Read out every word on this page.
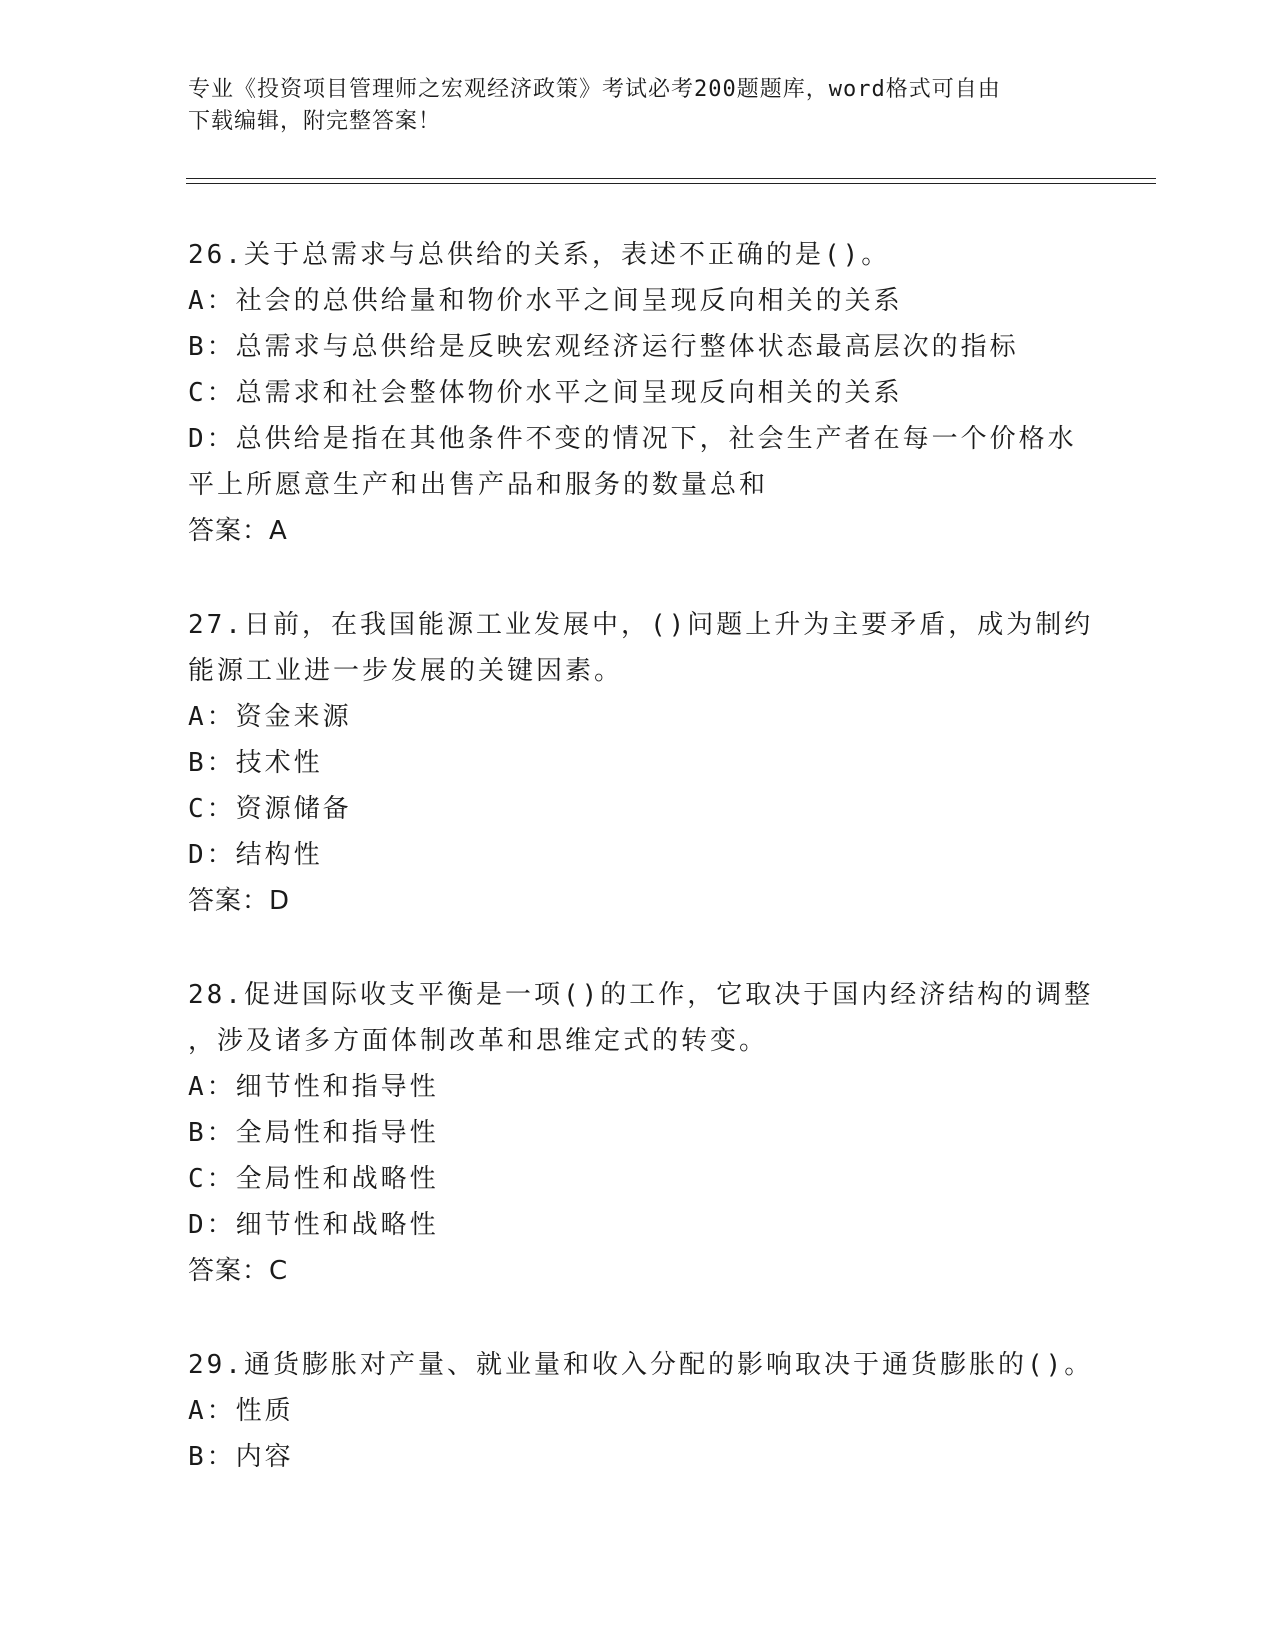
专业《投资项目管理师之宏观经济政策》考试必考200题题库，word格式可自由
下载编辑，附完整答案！
26.关于总需求与总供给的关系，表述不正确的是()。
A：社会的总供给量和物价水平之间呈现反向相关的关系
B：总需求与总供给是反映宏观经济运行整体状态最高层次的指标
C：总需求和社会整体物价水平之间呈现反向相关的关系
D：总供给是指在其他条件不变的情况下，社会生产者在每一个价格水
平上所愿意生产和出售产品和服务的数量总和
答案：A
27.日前，在我国能源工业发展中，()问题上升为主要矛盾，成为制约
能源工业进一步发展的关键因素。
A：资金来源
B：技术性
C：资源储备
D：结构性
答案：D
28.促进国际收支平衡是一项()的工作，它取决于国内经济结构的调整
，涉及诸多方面体制改革和思维定式的转变。
A：细节性和指导性
B：全局性和指导性
C：全局性和战略性
D：细节性和战略性
答案：C
29.通货膨胀对产量、就业量和收入分配的影响取决于通货膨胀的()。
A：性质
B：内容
